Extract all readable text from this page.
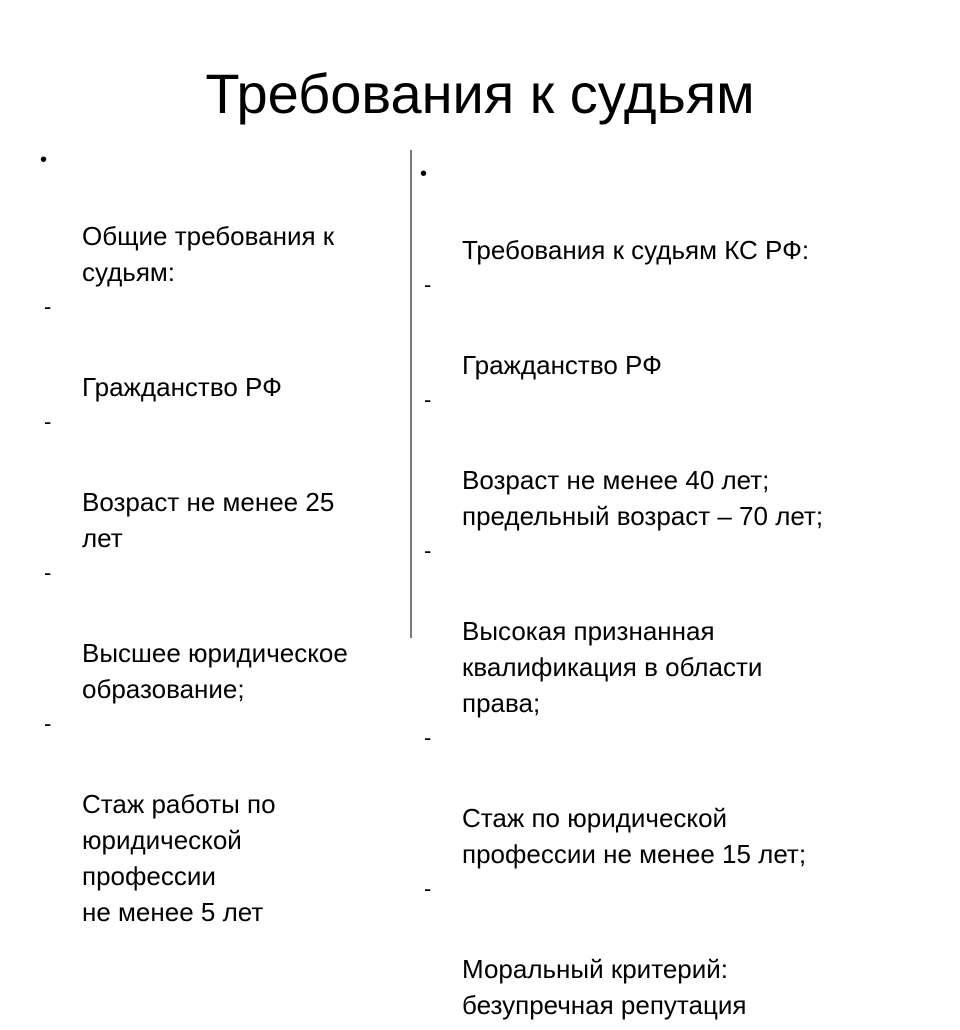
Требования к судьям

•

Общие требования к судьям:

-

Гражданство РФ

-

Возраст не менее 25
лет

-

Высшее юридическое
образование;

-

Стаж работы по
юридической
профессии
не менее 5 лет

•

Требования к судьям КС РФ:

-

Гражданство РФ

-

Возраст не менее 40 лет;
предельный возраст – 70 лет;

-

Высокая признанная
квалификация в области
права;

-

Стаж по юридической
профессии не менее 15 лет;

-

Моральный критерий:
безупречная репутация
